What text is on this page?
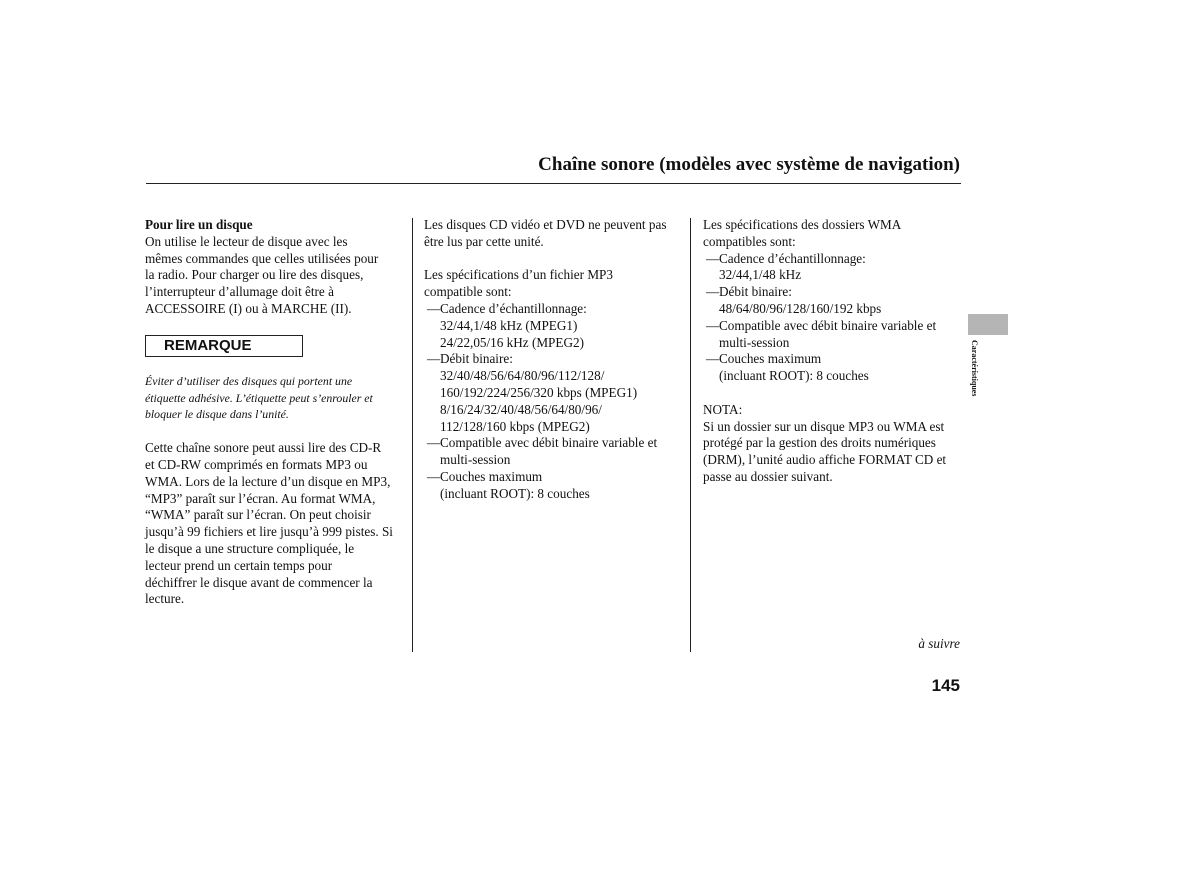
Chaîne sonore (modèles avec système de navigation)
Caractéristiques

Pour lire un disque

On utilise le lecteur de disque avec les

mêmes commandes que celles utilisées pour

la radio. Pour charger ou lire des disques,

l’interrupteur d’allumage doit être à

ACCESSOIRE (I) ou à MARCHE (II).

REMARQUE

Éviter d’utiliser des disques qui portent une

étiquette adhésive. L’étiquette peut s’enrouler et

bloquer le disque dans l’unité.

Cette chaîne sonore peut aussi lire des CD-R

et CD-RW comprimés en formats MP3 ou

WMA. Lors de la lecture d’un disque en MP3,

“MP3” paraît sur l’écran. Au format WMA,

“WMA” paraît sur l’écran. On peut choisir

jusqu’à 99 fichiers et lire jusqu’à 999 pistes. Si

le disque a une structure compliquée, le

lecteur prend un certain temps pour

déchiffrer le disque avant de commencer la

lecture.

Les disques CD vidéo et DVD ne peuvent pas

être lus par cette unité.

Les spécifications d’un fichier MP3

compatible sont:

— Cadence d’échantillonnage:

32/44,1/48 kHz (MPEG1)

24/22,05/16 kHz (MPEG2)

— Débit binaire:

32/40/48/56/64/80/96/112/128/

160/192/224/256/320 kbps (MPEG1)

8/16/24/32/40/48/56/64/80/96/

112/128/160 kbps (MPEG2)

— Compatible avec débit binaire variable et

multi-session

— Couches maximum

(incluant ROOT): 8 couches

Les spécifications des dossiers WMA

compatibles sont:

— Cadence d’échantillonnage:

32/44,1/48 kHz

— Débit binaire:

48/64/80/96/128/160/192 kbps

— Compatible avec débit binaire variable et

multi-session

— Couches maximum

(incluant ROOT): 8 couches

NOTA:

Si un dossier sur un disque MP3 ou WMA est

protégé par la gestion des droits numériques

(DRM), l’unité audio affiche FORMAT CD et

passe au dossier suivant.

à suivre
145
